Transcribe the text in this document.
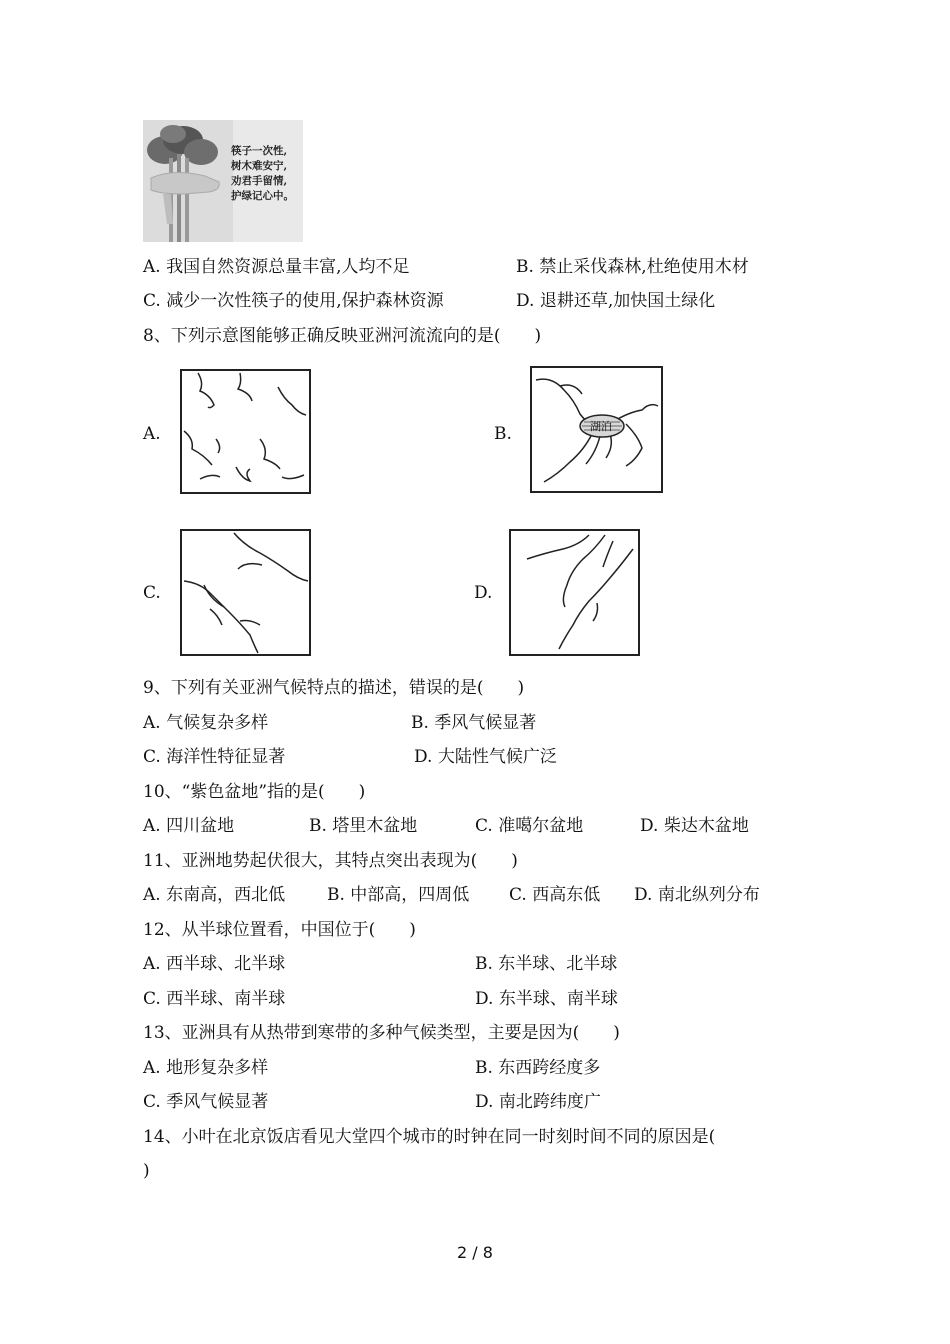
筷子一次性,
树木难安宁,
劝君手留情,
护绿记心中。
A. 我国自然资源总量丰富,人均不足	B. 禁止采伐森林,杜绝使用木材
C. 减少一次性筷子的使用,保护森林资源	D. 退耕还草,加快国土绿化
8、下列示意图能够正确反映亚洲河流流向的是(　　)
A.	B.	湖泊
C.	D.
9、下列有关亚洲气候特点的描述，错误的是(　　)
A. 气候复杂多样	B. 季风气候显著
C. 海洋性特征显著	D. 大陆性气候广泛
10、“紫色盆地”指的是(　　)
A. 四川盆地	B. 塔里木盆地	C. 准噶尔盆地	D. 柴达木盆地
11、亚洲地势起伏很大，其特点突出表现为(　　)
A. 东南高，西北低 B. 中部高，四周低 C. 西高东低 D. 南北纵列分布
12、从半球位置看，中国位于(　　)
A. 西半球、北半球	B. 东半球、北半球
C. 西半球、南半球	D. 东半球、南半球
13、亚洲具有从热带到寒带的多种气候类型，主要是因为(　　)
A. 地形复杂多样	B. 东西跨经度多
C. 季风气候显著	D. 南北跨纬度广
14、小叶在北京饭店看见大堂四个城市的时钟在同一时刻时间不同的原因是(
)
2 / 8
